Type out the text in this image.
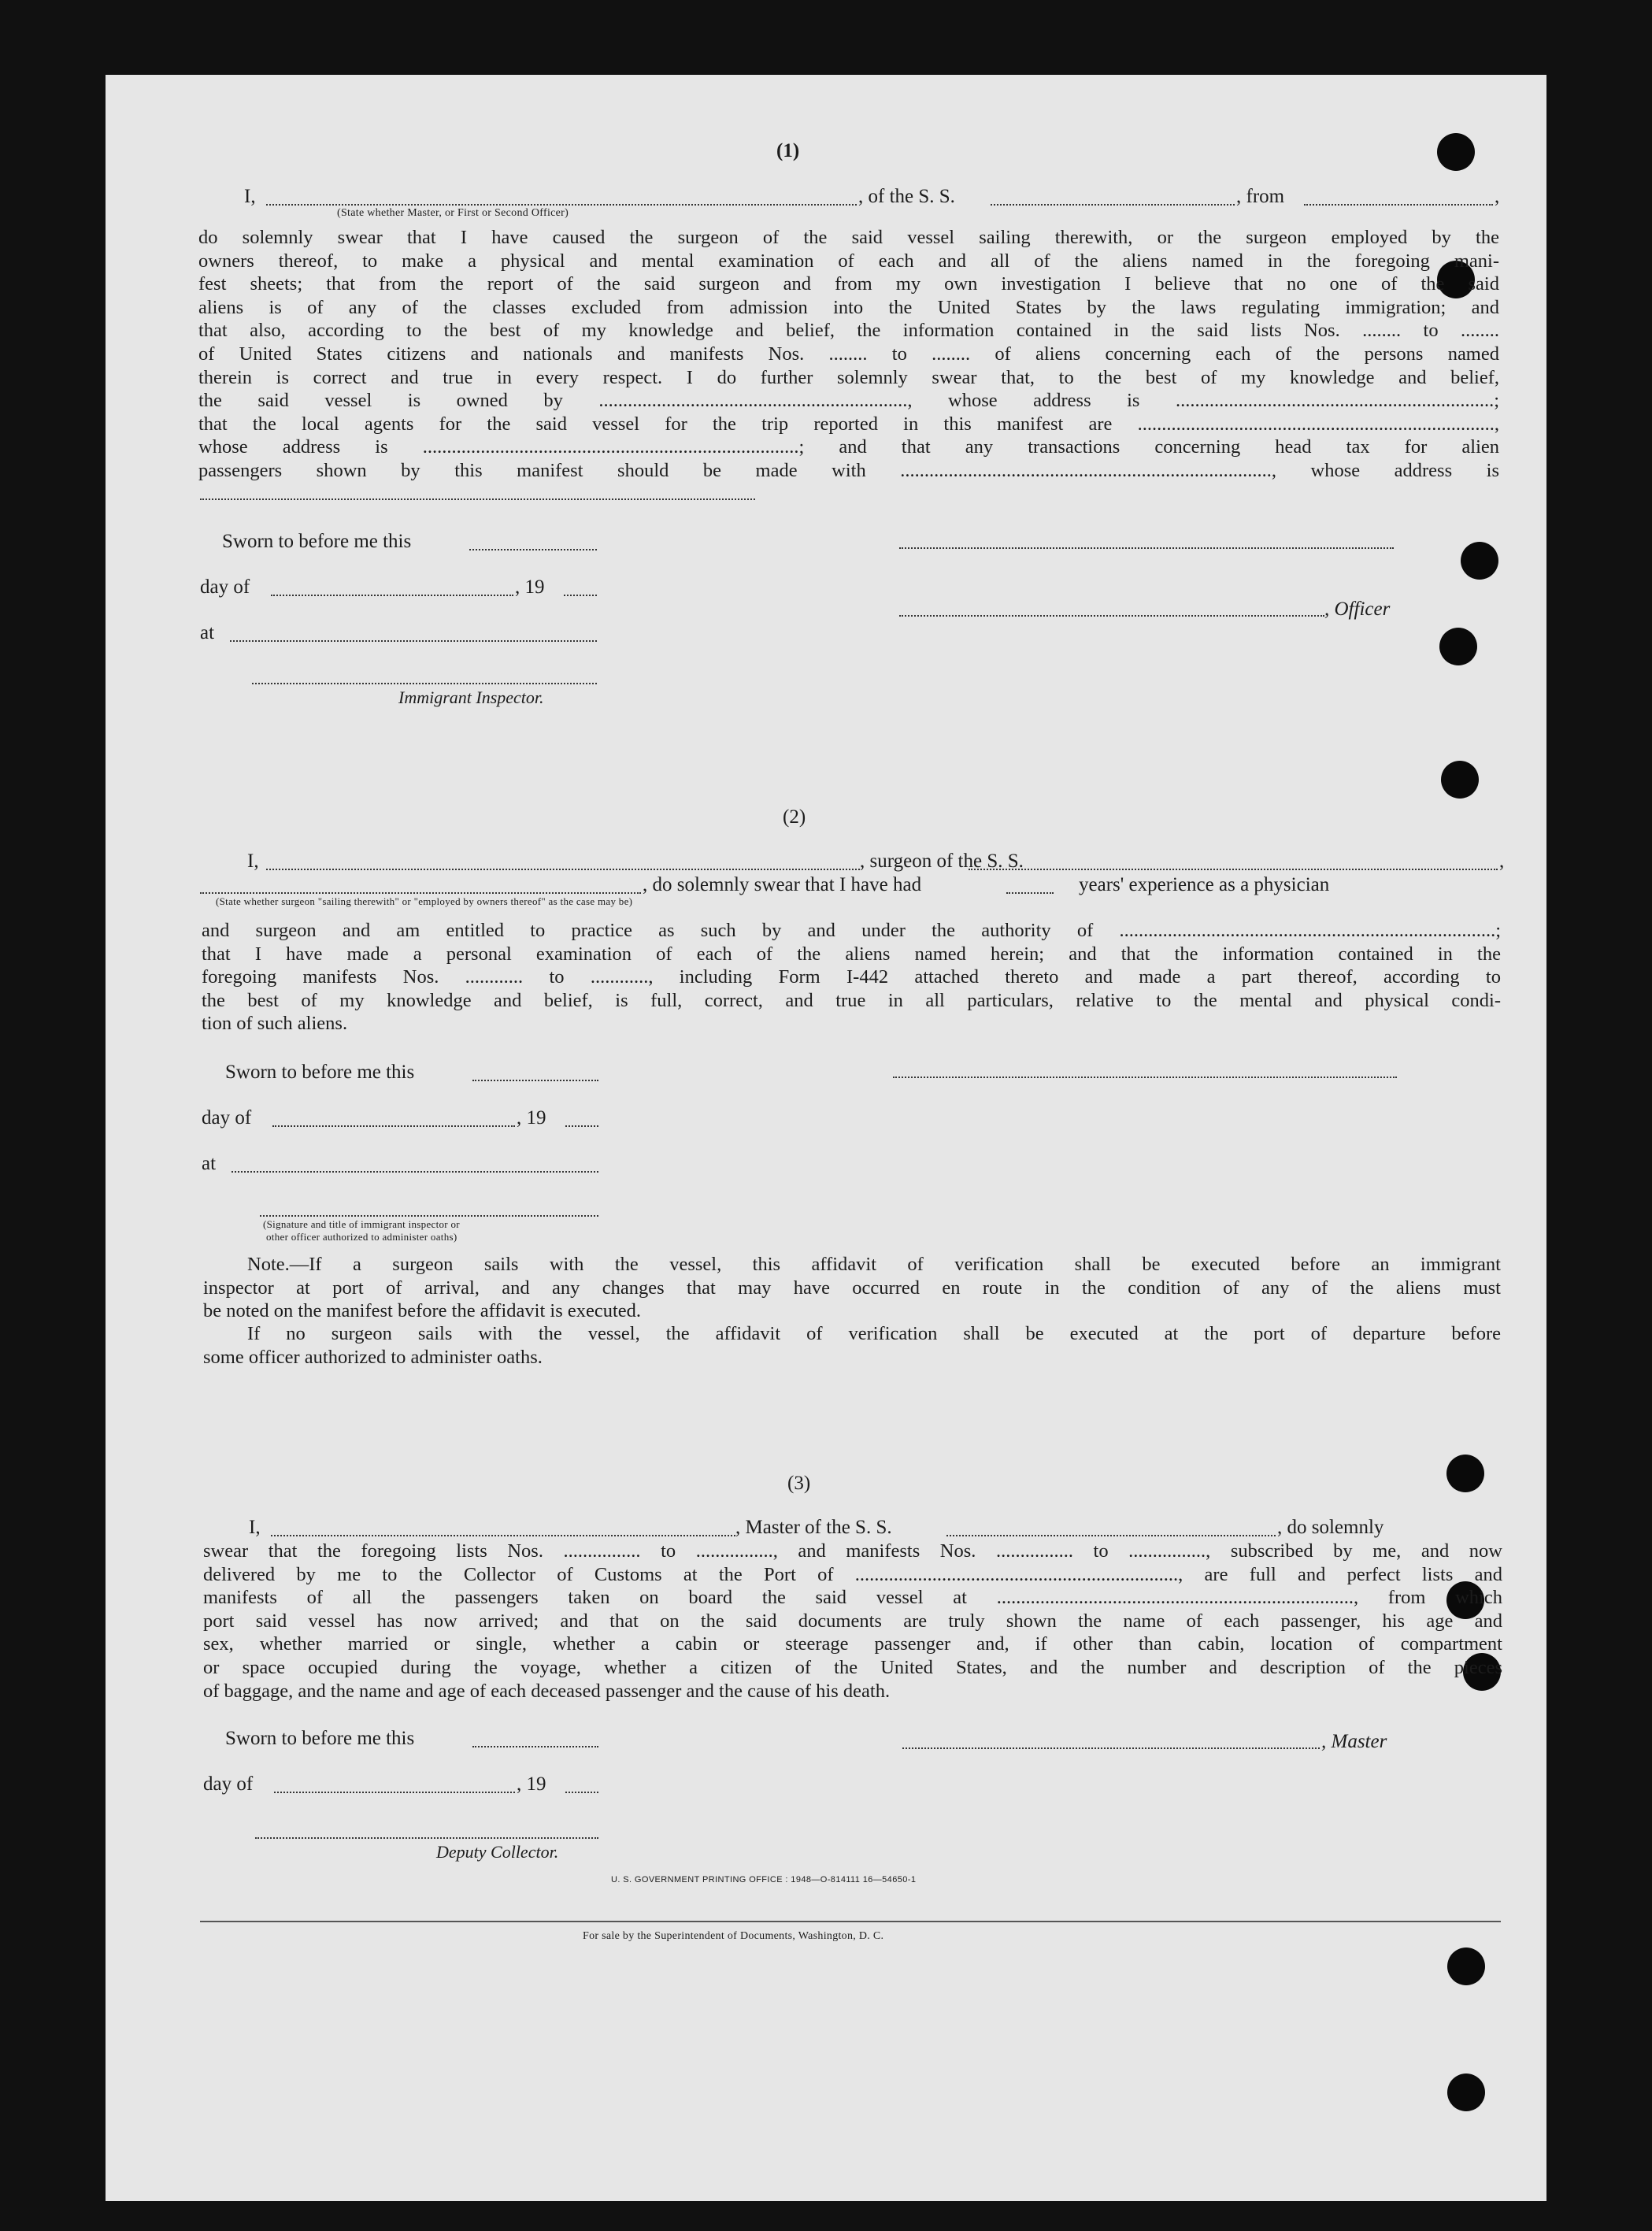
(1)
I,	, of the S. S.	, from	,
(State whether Master, or First or Second Officer)
do solemnly swear that I have caused the surgeon of the said vessel sailing therewith, or the surgeon employed by the
owners thereof, to make a physical and mental examination of each and all of the aliens named in the foregoing mani-
fest sheets; that from the report of the said surgeon and from my own investigation I believe that no one of the said
aliens is of any of the classes excluded from admission into the United States by the laws regulating immigration; and
that also, according to the best of my knowledge and belief, the information contained in the said lists Nos. ........ to ........
of United States citizens and nationals and manifests Nos. ........ to ........ of aliens concerning each of the persons named
therein is correct and true in every respect. I do further solemnly swear that, to the best of my knowledge and belief,
the said vessel is owned by ................................................................, whose address is ..................................................................;
that the local agents for the said vessel for the trip reported in this manifest are ..........................................................................,
whose address is ..............................................................................; and that any transactions concerning head tax for alien
passengers shown by this manifest should be made with ............................................................................., whose address is
Sworn to before me this
day of	, 19
at
Immigrant Inspector.
, Officer
(2)
I,	, surgeon of the S. S.	,
, do solemnly swear that I have had	years' experience as a physician
(State whether surgeon "sailing therewith" or "employed by owners thereof" as the case may be)
and surgeon and am entitled to practice as such by and under the authority of ..............................................................................;
that I have made a personal examination of each of the aliens named herein; and that the information contained in the
foregoing manifests Nos. ............ to ............, including Form I-442 attached thereto and made a part thereof, according to
the best of my knowledge and belief, is full, correct, and true in all particulars, relative to the mental and physical condi-
tion of such aliens.
Sworn to before me this
day of	, 19
at
(Signature and title of immigrant inspector or
other officer authorized to administer oaths)
Note.—If a surgeon sails with the vessel, this affidavit of verification shall be executed before an immigrant
inspector at port of arrival, and any changes that may have occurred en route in the condition of any of the aliens must
be noted on the manifest before the affidavit is executed.
If no surgeon sails with the vessel, the affidavit of verification shall be executed at the port of departure before
some officer authorized to administer oaths.
(3)
I,	, Master of the S. S.	, do solemnly
swear that the foregoing lists Nos. ................ to ................, and manifests Nos. ................ to ................, subscribed by me, and now
delivered by me to the Collector of Customs at the Port of ..................................................................., are full and perfect lists and
manifests of all the passengers taken on board the said vessel at .........................................................................., from which
port said vessel has now arrived; and that on the said documents are truly shown the name of each passenger, his age and
sex, whether married or single, whether a cabin or steerage passenger and, if other than cabin, location of compartment
or space occupied during the voyage, whether a citizen of the United States, and the number and description of the pieces
of baggage, and the name and age of each deceased passenger and the cause of his death.
Sworn to before me this
day of	, 19
Deputy Collector.
, Master
U. S. GOVERNMENT PRINTING OFFICE : 1948—O-814111 16—54650-1
For sale by the Superintendent of Documents, Washington, D. C.
